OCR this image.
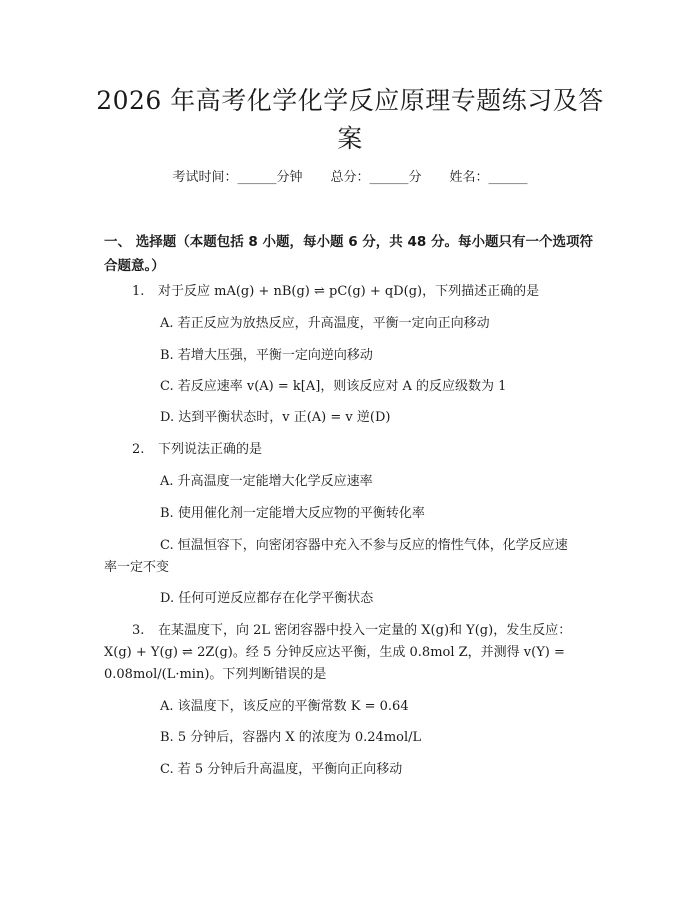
2026 年高考化学化学反应原理专题练习及答
案
考试时间：______分钟 总分：______分 姓名：______
一、 选择题（本题包括 8 小题，每小题 6 分，共 48 分。每小题只有一个选项符
合题意。）
1. 对于反应 mA(g) + nB(g) ⇌ pC(g) + qD(g)，下列描述正确的是
A. 若正反应为放热反应，升高温度，平衡一定向正向移动
B. 若增大压强，平衡一定向逆向移动
C. 若反应速率 v(A) = k[A]，则该反应对 A 的反应级数为 1
D. 达到平衡状态时，v 正(A) = v 逆(D)
2. 下列说法正确的是
A. 升高温度一定能增大化学反应速率
B. 使用催化剂一定能增大反应物的平衡转化率
C. 恒温恒容下，向密闭容器中充入不参与反应的惰性气体，化学反应速
率一定不变
D. 任何可逆反应都存在化学平衡状态
3. 在某温度下，向 2L 密闭容器中投入一定量的 X(g)和 Y(g)，发生反应：
X(g) + Y(g) ⇌ 2Z(g)。经 5 分钟反应达平衡，生成 0.8mol Z，并测得 v(Y) =
0.08mol/(L·min)。下列判断错误的是
A. 该温度下，该反应的平衡常数 K = 0.64
B. 5 分钟后，容器内 X 的浓度为 0.24mol/L
C. 若 5 分钟后升高温度，平衡向正向移动
